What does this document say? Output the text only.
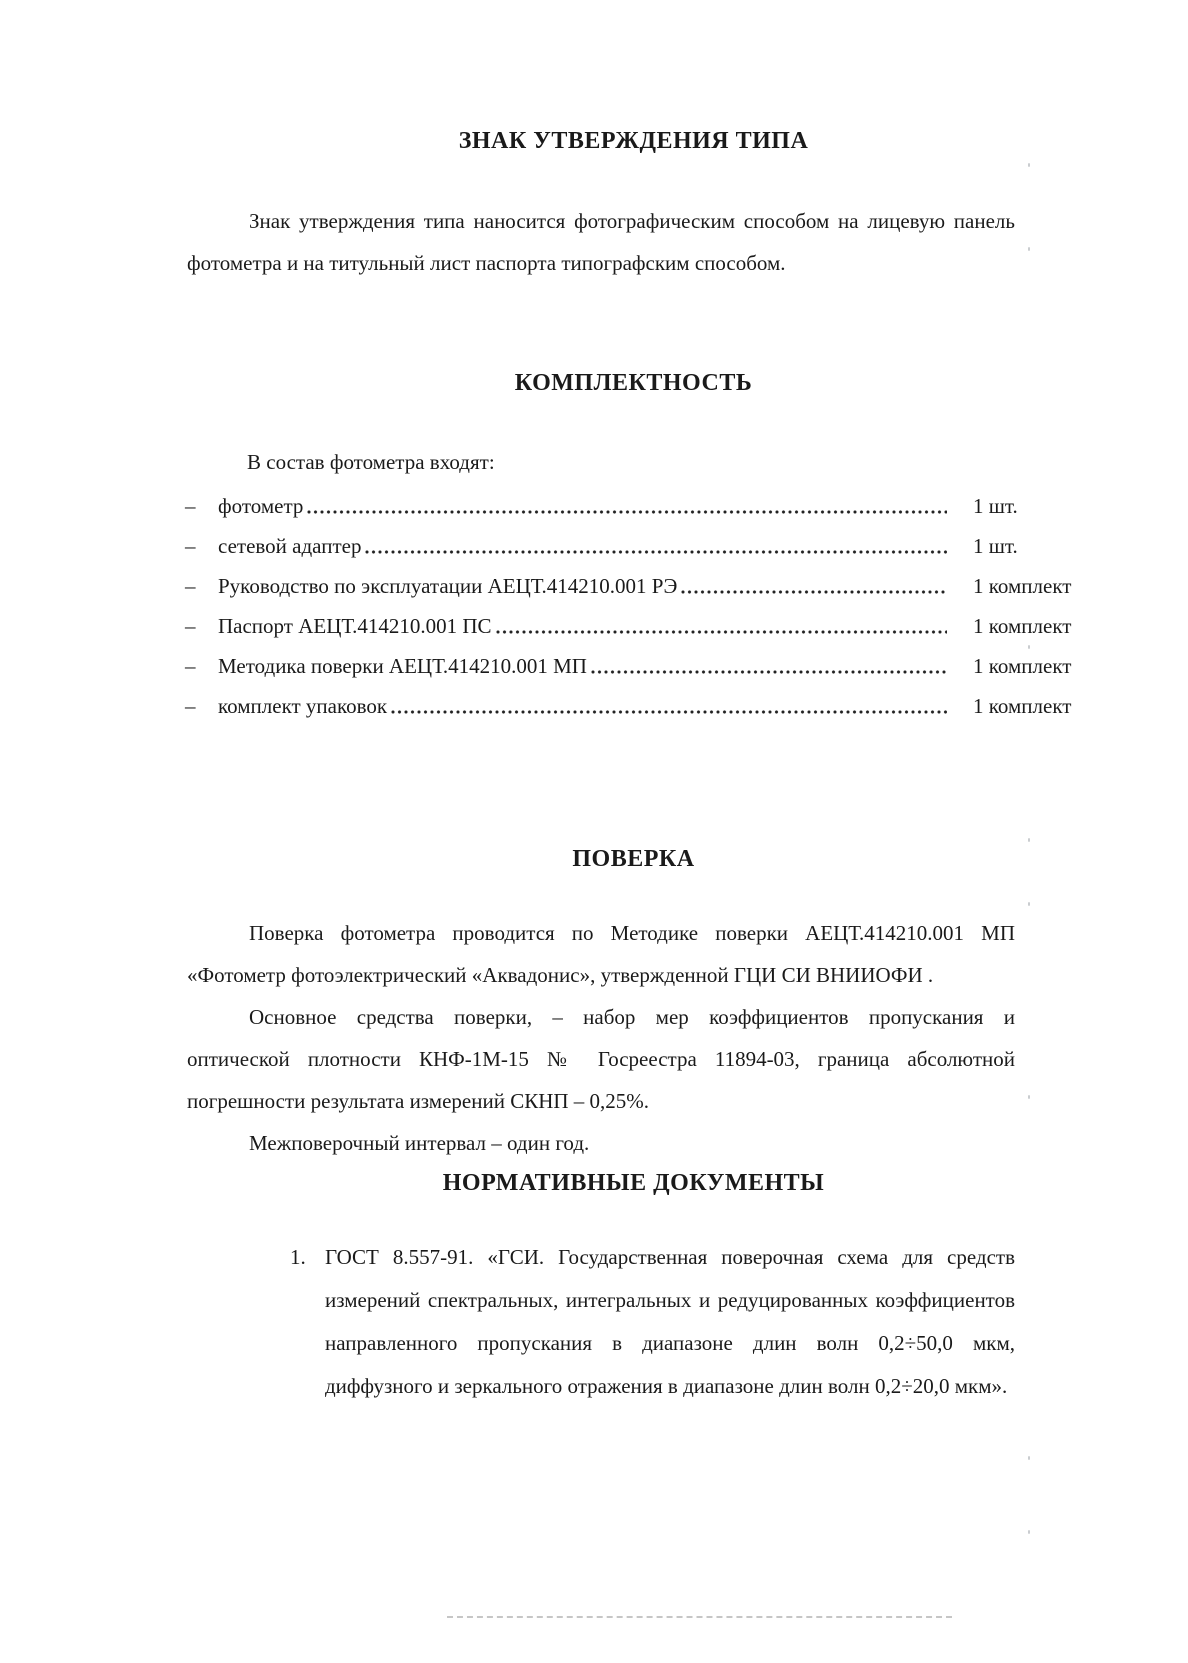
ЗНАК УТВЕРЖДЕНИЯ ТИПА
Знак утверждения типа наносится фотографическим способом на лицевую панель
фотометра и на титульный лист паспорта типографским способом.
КОМПЛЕКТНОСТЬ
В состав фотометра входят:
–	фотометр	1 шт.
–	сетевой адаптер	1 шт.
–	Руководство по эксплуатации АЕЦТ.414210.001 РЭ	1 комплект
–	Паспорт АЕЦТ.414210.001 ПС	1 комплект
–	Методика поверки АЕЦТ.414210.001 МП	1 комплект
–	комплект упаковок	1 комплект
ПОВЕРКА

Поверка фотометра проводится по Методике поверки АЕЦТ.414210.001 МП
«Фотометр фотоэлектрический «Аквадонис», утвержденной ГЦИ СИ ВНИИОФИ .

Основное средства поверки, – набор мер коэффициентов пропускания и
оптической плотности КНФ-1М-15 № Госреестра 11894-03, граница абсолютной
погрешности результата измерений СКНП – 0,25%.

Межповерочный интервал – один год.

НОРМАТИВНЫЕ ДОКУМЕНТЫ
1. ГОСТ 8.557-91. «ГСИ. Государственная поверочная схема для средств
измерений спектральных, интегральных и редуцированных коэффициентов
направленного пропускания в диапазоне длин волн 0,2÷50,0 мкм,
диффузного и зеркального отражения в диапазоне длин волн 0,2÷20,0 мкм».
